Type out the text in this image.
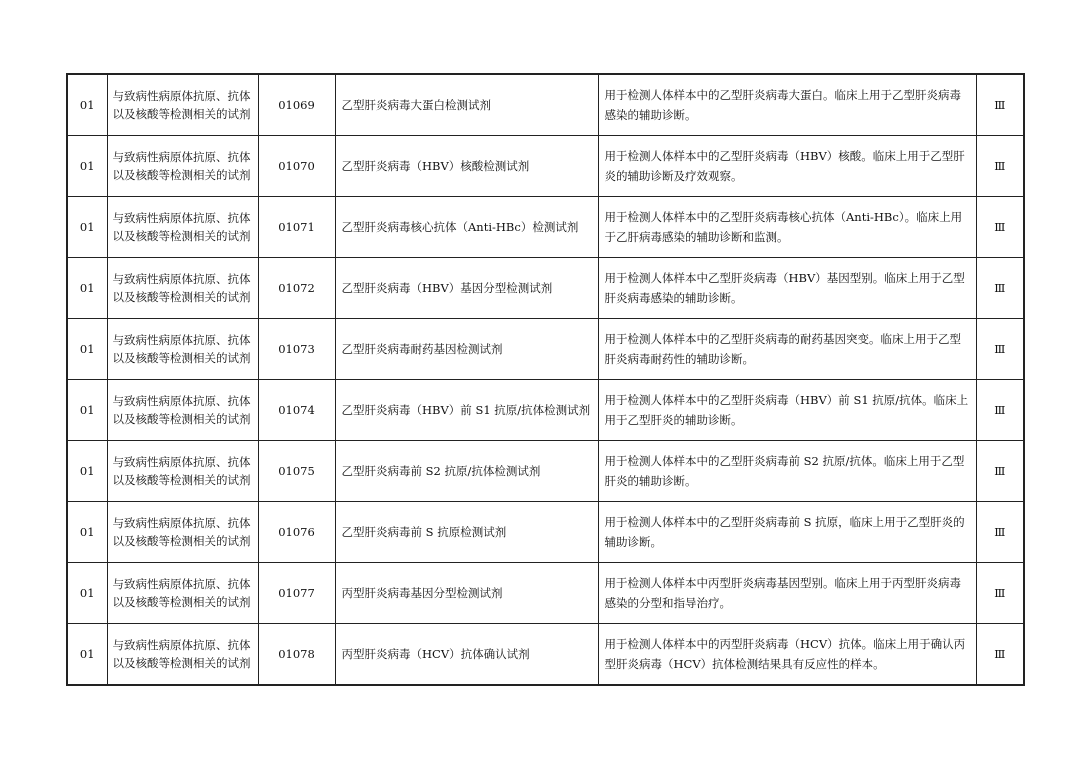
01	与致病性病原体抗原、抗体以及核酸等检测相关的试剂	01069	乙型肝炎病毒大蛋白检测试剂	用于检测人体样本中的乙型肝炎病毒大蛋白。临床上用于乙型肝炎病毒感染的辅助诊断。	Ⅲ
01	与致病性病原体抗原、抗体以及核酸等检测相关的试剂	01070	乙型肝炎病毒（HBV）核酸检测试剂	用于检测人体样本中的乙型肝炎病毒（HBV）核酸。临床上用于乙型肝炎的辅助诊断及疗效观察。	Ⅲ
01	与致病性病原体抗原、抗体以及核酸等检测相关的试剂	01071	乙型肝炎病毒核心抗体（Anti-HBc）检测试剂	用于检测人体样本中的乙型肝炎病毒核心抗体（Anti-HBc）。临床上用于乙肝病毒感染的辅助诊断和监测。	Ⅲ
01	与致病性病原体抗原、抗体以及核酸等检测相关的试剂	01072	乙型肝炎病毒（HBV）基因分型检测试剂	用于检测人体样本中乙型肝炎病毒（HBV）基因型别。临床上用于乙型肝炎病毒感染的辅助诊断。	Ⅲ
01	与致病性病原体抗原、抗体以及核酸等检测相关的试剂	01073	乙型肝炎病毒耐药基因检测试剂	用于检测人体样本中的乙型肝炎病毒的耐药基因突变。临床上用于乙型肝炎病毒耐药性的辅助诊断。	Ⅲ
01	与致病性病原体抗原、抗体以及核酸等检测相关的试剂	01074	乙型肝炎病毒（HBV）前 S1 抗原/抗体检测试剂	用于检测人体样本中的乙型肝炎病毒（HBV）前 S1 抗原/抗体。临床上用于乙型肝炎的辅助诊断。	Ⅲ
01	与致病性病原体抗原、抗体以及核酸等检测相关的试剂	01075	乙型肝炎病毒前 S2 抗原/抗体检测试剂	用于检测人体样本中的乙型肝炎病毒前 S2 抗原/抗体。临床上用于乙型肝炎的辅助诊断。	Ⅲ
01	与致病性病原体抗原、抗体以及核酸等检测相关的试剂	01076	乙型肝炎病毒前 S 抗原检测试剂	用于检测人体样本中的乙型肝炎病毒前 S 抗原，临床上用于乙型肝炎的辅助诊断。	Ⅲ
01	与致病性病原体抗原、抗体以及核酸等检测相关的试剂	01077	丙型肝炎病毒基因分型检测试剂	用于检测人体样本中丙型肝炎病毒基因型别。临床上用于丙型肝炎病毒感染的分型和指导治疗。	Ⅲ
01	与致病性病原体抗原、抗体以及核酸等检测相关的试剂	01078	丙型肝炎病毒（HCV）抗体确认试剂	用于检测人体样本中的丙型肝炎病毒（HCV）抗体。临床上用于确认丙型肝炎病毒（HCV）抗体检测结果具有反应性的样本。	Ⅲ
